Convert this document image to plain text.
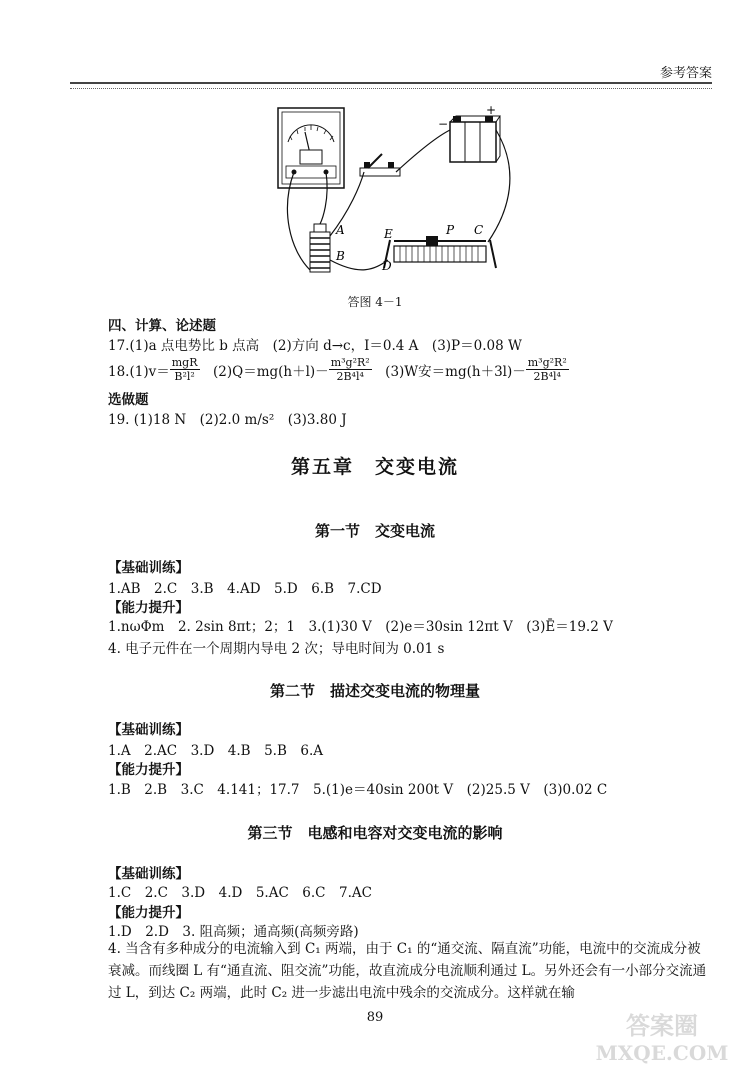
参考答案
−
+
A
B
E	P C
D
答图 4－1
四、计算、论述题
17.(1)a 点电势比 b 点高　(2)方向 d→c，I＝0.4 A　(3)P＝0.08 W
18.(1)v＝
mgR
B²l² 　$(2)Q=mg(h+l)- \frac{\text{m³g²R²}}{\text{2B⁴l⁴}}$ 　(3)W安$=mg(h+3l)- \frac{\text{m³g²R²}}{\text{2B⁴l⁴}}$
选做题
19. (1)18 N　(2)2.0 m/s²　(3)3.80 J
第五章　交变电流
第一节　交变电流
【基础训练】
1.AB　2.C　3.B　4.AD　5.D　6.B　7.CD
【能力提升】
1.nωΦm　2. 2sin 8πt；2；1　3.(1)30 V　(2)e＝30sin 12πt V　(3)Ē＝19.2 V
4. 电子元件在一个周期内导电 2 次；导电时间为 0.01 s
第二节　描述交变电流的物理量
【基础训练】
1.A　2.AC　3.D　4.B　5.B　6.A
【能力提升】
1.B　2.B　3.C　4.141；17.7　5.(1)e＝40sin 200t V　(2)25.5 V　(3)0.02 C
第三节　电感和电容对交变电流的影响
【基础训练】
1.C　2.C　3.D　4.D　5.AC　6.C　7.AC
【能力提升】
1.D　2.D　3. 阻高频；通高频(高频旁路)
4. 当含有多种成分的电流输入到 C₁ 两端，由于 C₁ 的“通交流、隔直流”功能，电流中的交流成分被衰减。而线圈 L 有“通直流、阻交流”功能，故直流成分电流顺利通过 L。另外还会有一小部分交流通过 L，到达 C₂ 两端，此时 C₂ 进一步滤出电流中残余的交流成分。这样就在输
89	答案圈
MXQE.COM
